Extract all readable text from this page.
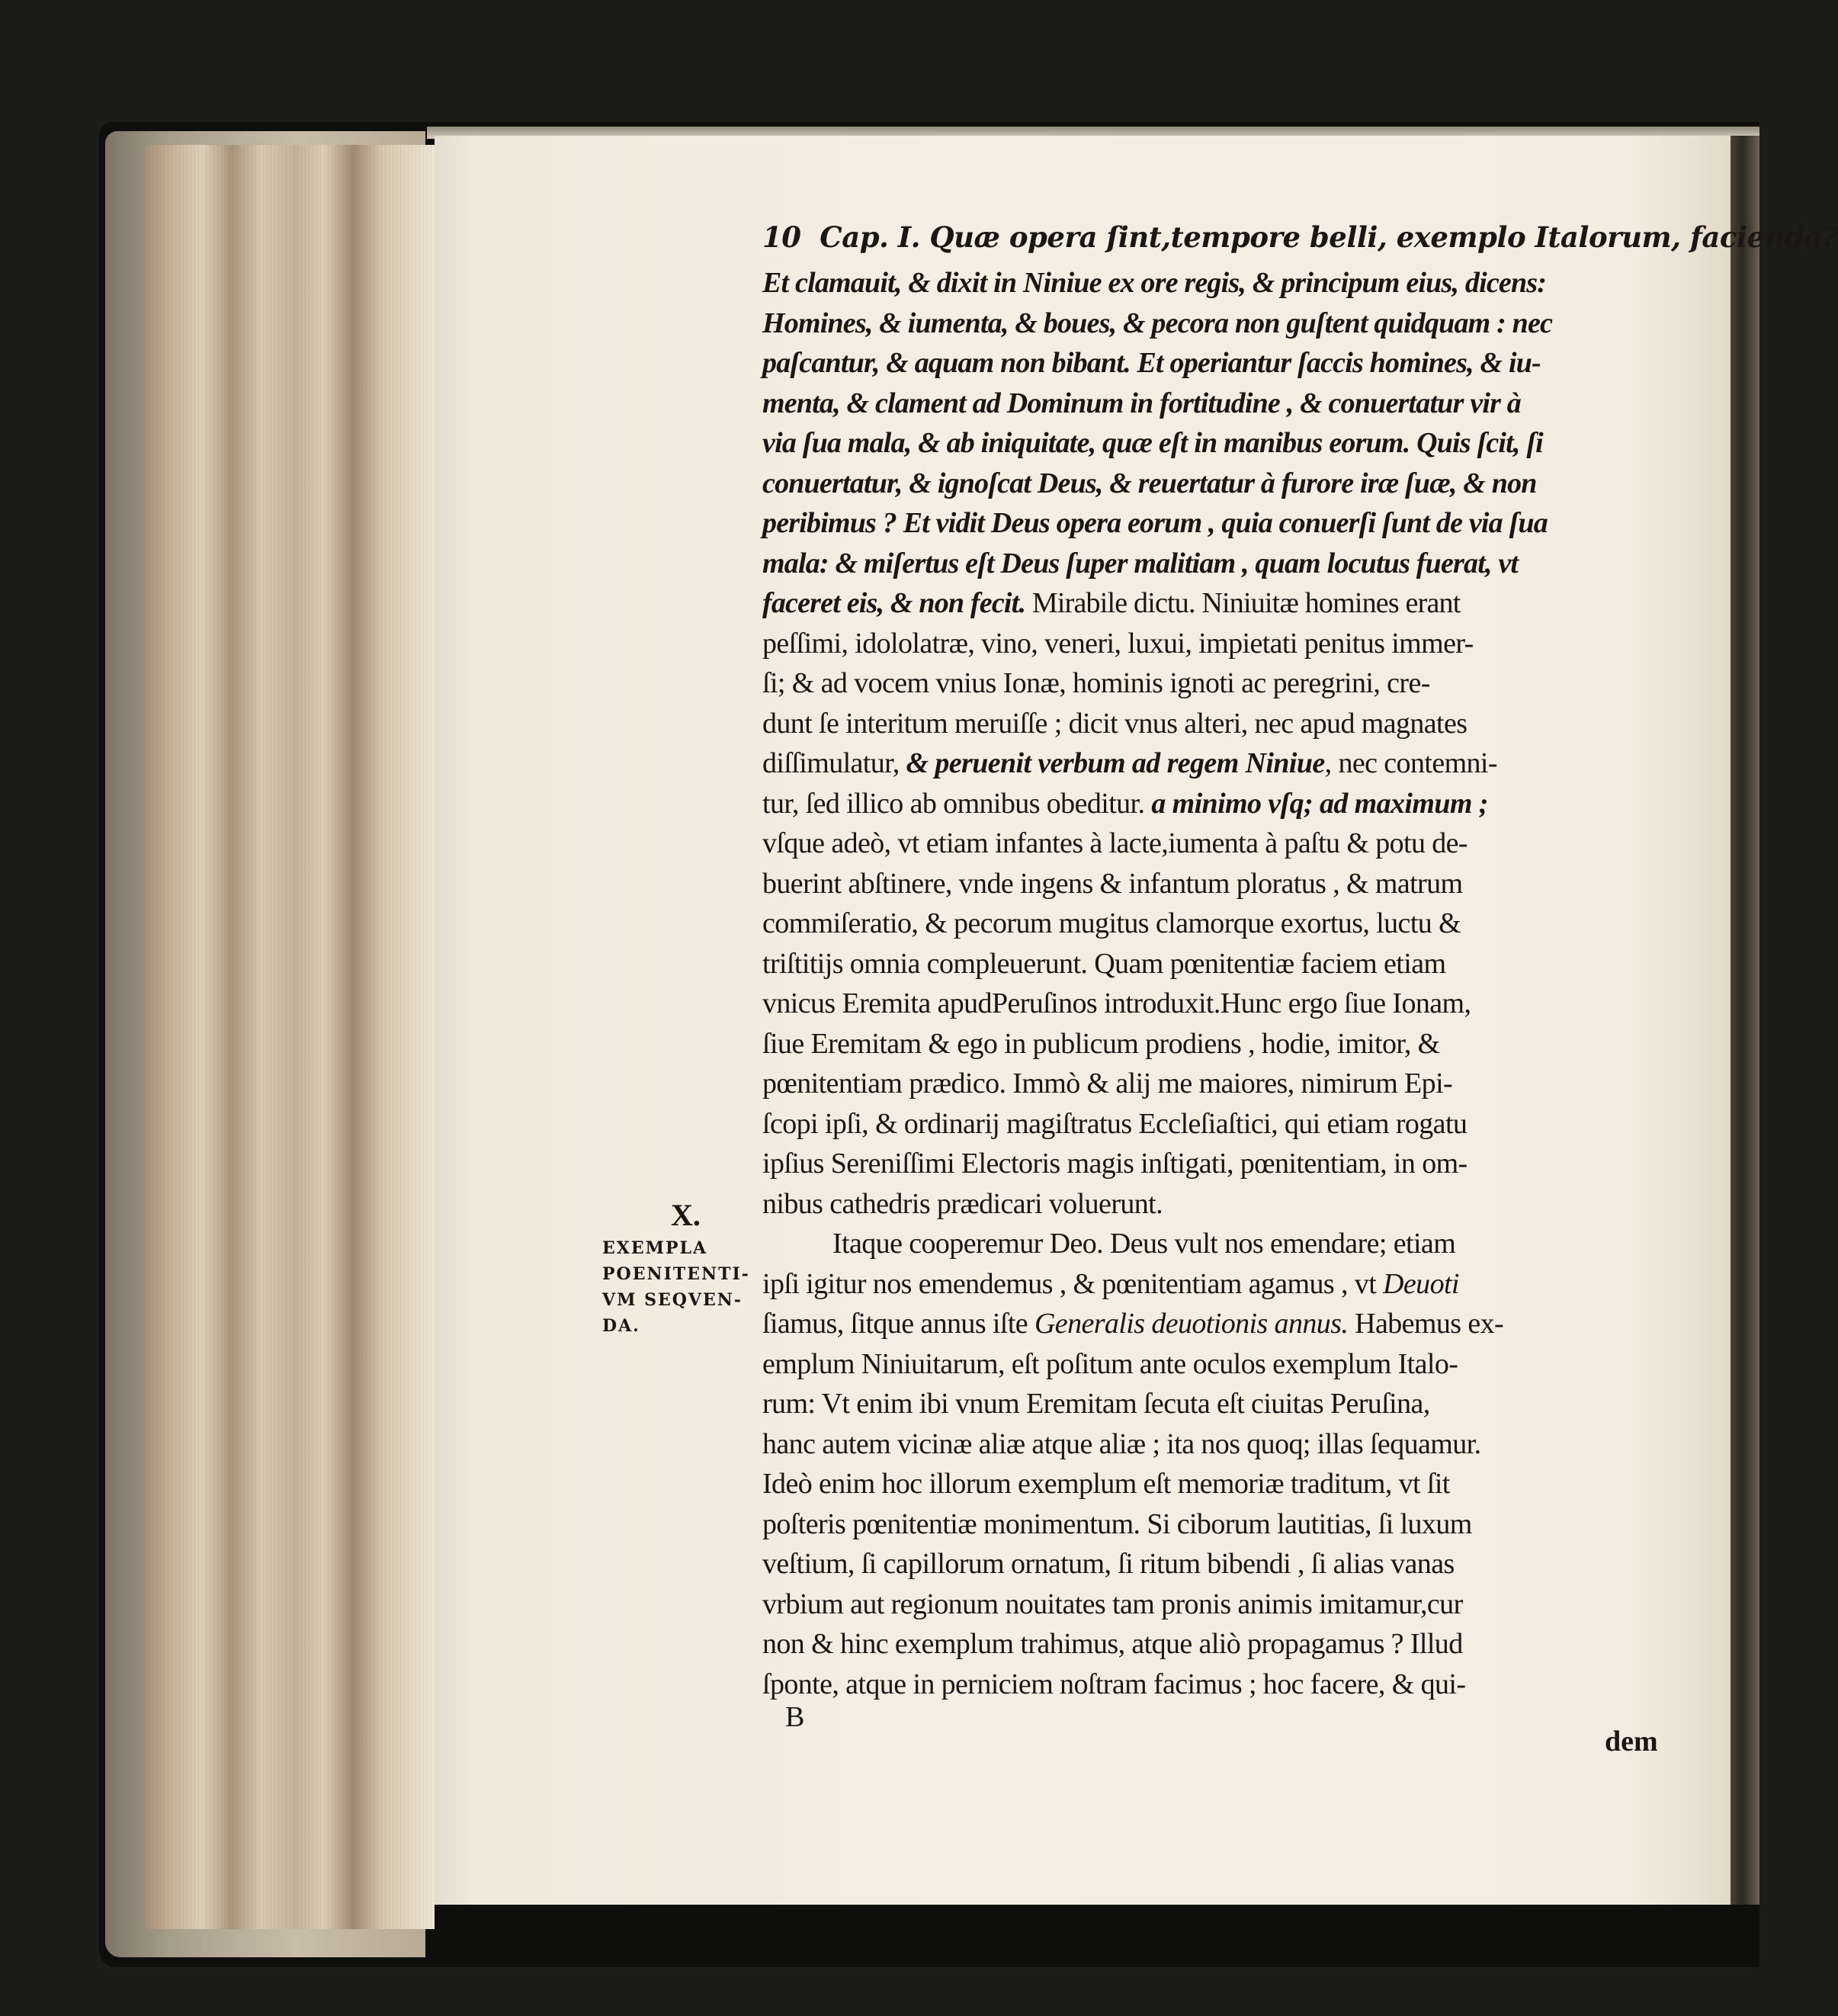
10 Cap. I. Quæ opera ſint,tempore belli, exemplo Italorum, facienda?
Et clamauit, & dixit in Niniue ex ore regis, & principum eius, dicens:
Homines, & iumenta, & boues, & pecora non guſtent quidquam : nec
paſcantur, & aquam non bibant. Et operiantur ſaccis homines, & iu-
menta, & clament ad Dominum in fortitudine , & conuertatur vir à
via ſua mala, & ab iniquitate, quæ eſt in manibus eorum. Quis ſcit, ſi
conuertatur, & ignoſcat Deus, & reuertatur à furore iræ ſuæ, & non
peribimus ? Et vidit Deus opera eorum , quia conuerſi ſunt de via ſua
mala: & miſertus eſt Deus ſuper malitiam , quam locutus fuerat, vt
faceret eis, & non fecit. Mirabile dictu. Niniuitæ homines erant
peſſimi, idololatræ, vino, veneri, luxui, impietati penitus immer-
ſi; & ad vocem vnius Ionæ, hominis ignoti ac peregrini, cre-
dunt ſe interitum meruiſſe ; dicit vnus alteri, nec apud magnates
diſſimulatur, & peruenit verbum ad regem Niniue, nec contemni-
tur, ſed illico ab omnibus obeditur. a minimo vſq; ad maximum ;
vſque adeò, vt etiam infantes à lacte,iumenta à paſtu & potu de-
buerint abſtinere, vnde ingens & infantum ploratus , & matrum
commiſeratio, & pecorum mugitus clamorque exortus, luctu &
triſtitijs omnia compleuerunt. Quam pœnitentiæ faciem etiam
vnicus Eremita apudPeruſinos introduxit.Hunc ergo ſiue Ionam,
ſiue Eremitam & ego in publicum prodiens , hodie, imitor, &
pœnitentiam prædico. Immò & alij me maiores, nimirum Epi-
ſcopi ipſi, & ordinarij magiſtratus Eccleſiaſtici, qui etiam rogatu
ipſius Sereniſſimi Electoris magis inſtigati, pœnitentiam, in om-
nibus cathedris prædicari voluerunt.
Itaque cooperemur Deo. Deus vult nos emendare; etiam
ipſi igitur nos emendemus , & pœnitentiam agamus , vt Deuoti
ſiamus, ſitque annus iſte Generalis deuotionis annus. Habemus ex-
emplum Niniuitarum, eſt poſitum ante oculos exemplum Italo-
rum: Vt enim ibi vnum Eremitam ſecuta eſt ciuitas Peruſina,
hanc autem vicinæ aliæ atque aliæ ; ita nos quoq; illas ſequamur.
Ideò enim hoc illorum exemplum eſt memoriæ traditum, vt ſit
poſteris pœnitentiæ monimentum. Si ciborum lautitias, ſi luxum
veſtium, ſi capillorum ornatum, ſi ritum bibendi , ſi alias vanas
vrbium aut regionum nouitates tam pronis animis imitamur,cur
non & hinc exemplum trahimus, atque aliò propagamus ? Illud
ſponte, atque in perniciem noſtram facimus ; hoc facere, & qui-
X.
EXEMPLA
POENITENTI-
VM SEQVEN-
DA.
B
dem
